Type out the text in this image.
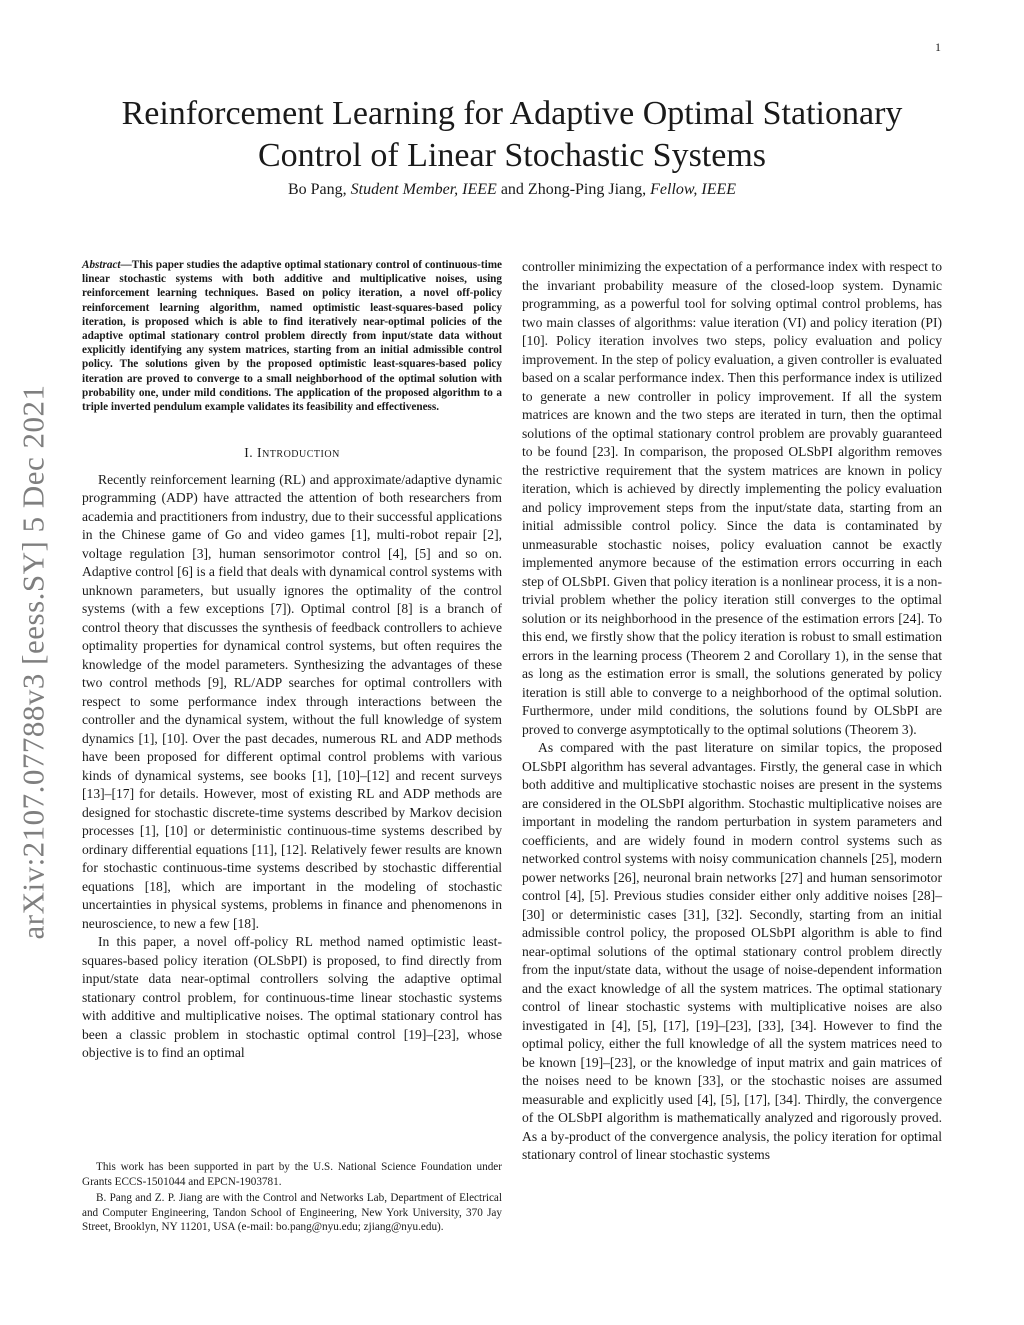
1
arXiv:2107.07788v3 [eess.SY] 5 Dec 2021
Reinforcement Learning for Adaptive Optimal Stationary
Control of Linear Stochastic Systems
Bo Pang, Student Member, IEEE and Zhong-Ping Jiang, Fellow, IEEE

Abstract—This paper studies the adaptive optimal stationary control of continuous-time linear stochastic systems with both additive and multiplicative noises, using reinforcement learning techniques. Based on policy iteration, a novel off-policy reinforcement learning algorithm, named optimistic least-squares-based policy iteration, is proposed which is able to find iteratively near-optimal policies of the adaptive optimal stationary control problem directly from input/state data without explicitly identifying any system matrices, starting from an initial admissible control policy. The solutions given by the proposed optimistic least-squares-based policy iteration are proved to converge to a small neighborhood of the optimal solution with probability one, under mild conditions. The application of the proposed algorithm to a triple inverted pendulum example validates its feasibility and effectiveness.

I. Introduction

Recently reinforcement learning (RL) and approximate/adaptive dynamic programming (ADP) have attracted the attention of both researchers from academia and practitioners from industry, due to their successful applications in the Chinese game of Go and video games [1], multi-robot repair [2], voltage regulation [3], human sensorimotor control [4], [5] and so on. Adaptive control [6] is a field that deals with dynamical control systems with unknown parameters, but usually ignores the optimality of the control systems (with a few exceptions [7]). Optimal control [8] is a branch of control theory that discusses the synthesis of feedback controllers to achieve optimality properties for dynamical control systems, but often requires the knowledge of the model parameters. Synthesizing the advantages of these two control methods [9], RL/ADP searches for optimal controllers with respect to some performance index through interactions between the controller and the dynamical system, without the full knowledge of system dynamics [1], [10]. Over the past decades, numerous RL and ADP methods have been proposed for different optimal control problems with various kinds of dynamical systems, see books [1], [10]–[12] and recent surveys [13]–[17] for details. However, most of existing RL and ADP methods are designed for stochastic discrete-time systems described by Markov decision processes [1], [10] or deterministic continuous-time systems described by ordinary differential equations [11], [12]. Relatively fewer results are known for stochastic continuous-time systems described by stochastic differential equations [18], which are important in the modeling of stochastic uncertainties in physical systems, problems in finance and phenomenons in neuroscience, to new a few [18].

In this paper, a novel off-policy RL method named optimistic least-squares-based policy iteration (OLSbPI) is proposed, to find directly from input/state data near-optimal controllers solving the adaptive optimal stationary control problem, for continuous-time linear stochastic systems with additive and multiplicative noises. The optimal stationary control has been a classic problem in stochastic optimal control [19]–[23], whose objective is to find an optimal

This work has been supported in part by the U.S. National Science Foundation under Grants ECCS-1501044 and EPCN-1903781.

B. Pang and Z. P. Jiang are with the Control and Networks Lab, Department of Electrical and Computer Engineering, Tandon School of Engineering, New York University, 370 Jay Street, Brooklyn, NY 11201, USA (e-mail: bo.pang@nyu.edu; zjiang@nyu.edu).

controller minimizing the expectation of a performance index with respect to the invariant probability measure of the closed-loop system. Dynamic programming, as a powerful tool for solving optimal control problems, has two main classes of algorithms: value iteration (VI) and policy iteration (PI) [10]. Policy iteration involves two steps, policy evaluation and policy improvement. In the step of policy evaluation, a given controller is evaluated based on a scalar performance index. Then this performance index is utilized to generate a new controller in policy improvement. If all the system matrices are known and the two steps are iterated in turn, then the optimal solutions of the optimal stationary control problem are provably guaranteed to be found [23]. In comparison, the proposed OLSbPI algorithm removes the restrictive requirement that the system matrices are known in policy iteration, which is achieved by directly implementing the policy evaluation and policy improvement steps from the input/state data, starting from an initial admissible control policy. Since the data is contaminated by unmeasurable stochastic noises, policy evaluation cannot be exactly implemented anymore because of the estimation errors occurring in each step of OLSbPI. Given that policy iteration is a nonlinear process, it is a non-trivial problem whether the policy iteration still converges to the optimal solution or its neighborhood in the presence of the estimation errors [24]. To this end, we firstly show that the policy iteration is robust to small estimation errors in the learning process (Theorem 2 and Corollary 1), in the sense that as long as the estimation error is small, the solutions generated by policy iteration is still able to converge to a neighborhood of the optimal solution. Furthermore, under mild conditions, the solutions found by OLSbPI are proved to converge asymptotically to the optimal solutions (Theorem 3).

As compared with the past literature on similar topics, the proposed OLSbPI algorithm has several advantages. Firstly, the general case in which both additive and multiplicative stochastic noises are present in the systems are considered in the OLSbPI algorithm. Stochastic multiplicative noises are important in modeling the random perturbation in system parameters and coefficients, and are widely found in modern control systems such as networked control systems with noisy communication channels [25], modern power networks [26], neuronal brain networks [27] and human sensorimotor control [4], [5]. Previous studies consider either only additive noises [28]–[30] or deterministic cases [31], [32]. Secondly, starting from an initial admissible control policy, the proposed OLSbPI algorithm is able to find near-optimal solutions of the optimal stationary control problem directly from the input/state data, without the usage of noise-dependent information and the exact knowledge of all the system matrices. The optimal stationary control of linear stochastic systems with multiplicative noises are also investigated in [4], [5], [17], [19]–[23], [33], [34]. However to find the optimal policy, either the full knowledge of all the system matrices need to be known [19]–[23], or the knowledge of input matrix and gain matrices of the noises need to be known [33], or the stochastic noises are assumed measurable and explicitly used [4], [5], [17], [34]. Thirdly, the convergence of the OLSbPI algorithm is mathematically analyzed and rigorously proved. As a by-product of the convergence analysis, the policy iteration for optimal stationary control of linear stochastic systems
